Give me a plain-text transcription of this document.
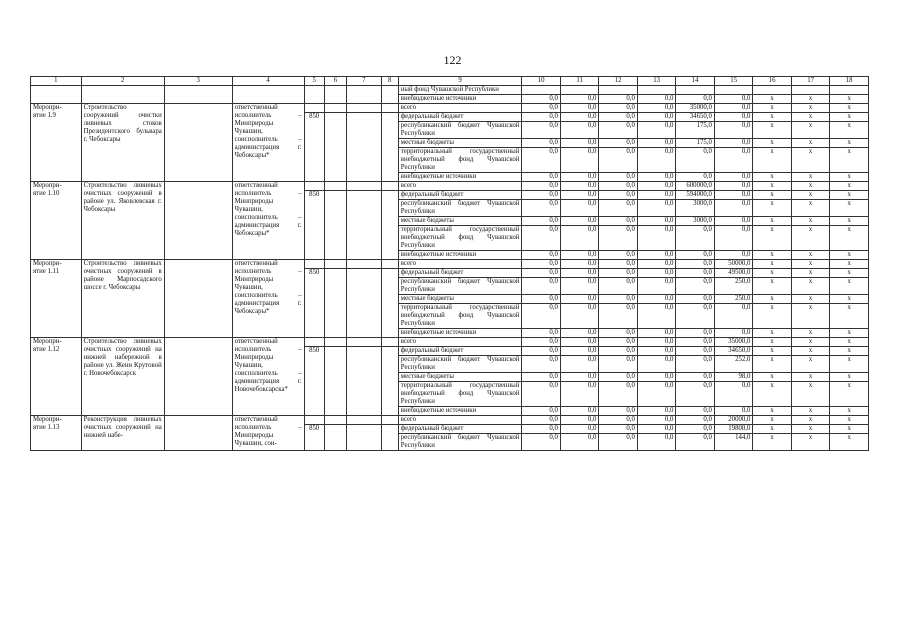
122
1	2	3	4	5	6	7	8	9	10	11	12	13	14	15	16	17	18
								ный фонд Чувашской Республики									
								внебюджетные источники	0,0	0,0	0,0	0,0	0,0	0,0	х	х	х
Меропри-
ятие 1.9	Строительство сооружений очистки ливневых стоков Президентского бульвара г. Чебоксары		ответственный исполнитель – Минприроды Чувашии, соисполнитель – администрация г. Чебоксары*					всего	0,0	0,0	0,0	0,0	35000,0	0,0	х	х	х
				850				федеральный бюджет	0,0	0,0	0,0	0,0	34650,0	0,0	х	х	х
								республиканский бюджет Чувашской Республики	0,0	0,0	0,0	0,0	175,0	0,0	х	х	х
								местные бюджеты	0,0	0,0	0,0	0,0	175,0	0,0	х	х	х
								территориальный государственный внебюджетный фонд Чувашской Республики	0,0	0,0	0,0	0,0	0,0	0,0	х	х	х
								внебюджетные источники	0,0	0,0	0,0	0,0	0,0	0,0	х	х	х
Меропри-
ятие 1.10	Строительство ливневых очистных сооружений в районе ул. Яковлевская г. Чебоксары		ответственный исполнитель – Минприроды Чувашии, соисполнитель – администрация г. Чебоксары*					всего	0,0	0,0	0,0	0,0	600000,0	0,0	х	х	х
				850				федеральный бюджет	0,0	0,0	0,0	0,0	594000,0	0,0	х	х	х
								республиканский бюджет Чувашской Республики	0,0	0,0	0,0	0,0	3000,0	0,0	х	х	х
								местные бюджеты	0,0	0,0	0,0	0,0	3000,0	0,0	х	х	х
								территориальный государственный внебюджетный фонд Чувашской Республики	0,0	0,0	0,0	0,0	0,0	0,0	х	х	х
								внебюджетные источники	0,0	0,0	0,0	0,0	0,0	0,0	х	х	х
Меропри-
ятие 1.11	Строительство ливневых очистных сооружений в районе Марпосадского шоссе г. Чебоксары		ответственный исполнитель – Минприроды Чувашии, соисполнитель – администрация г. Чебоксары*					всего	0,0	0,0	0,0	0,0	0,0	50000,0	х	х	х
				850				федеральный бюджет	0,0	0,0	0,0	0,0	0,0	49500,0	х	х	х
								республиканский бюджет Чувашской Республики	0,0	0,0	0,0	0,0	0,0	250,0	х	х	х
								местные бюджеты	0,0	0,0	0,0	0,0	0,0	250,0	х	х	х
								территориальный государственный внебюджетный фонд Чувашской Республики	0,0	0,0	0,0	0,0	0,0	0,0	х	х	х
								внебюджетные источники	0,0	0,0	0,0	0,0	0,0	0,0	х	х	х
Меропри-
ятие 1.12	Строительство ливневых очистных сооружений на нижней набережной в районе ул. Жени Крутовой г. Новочебоксарск		ответственный исполнитель – Минприроды Чувашии, соисполнитель – администрация г. Новочебоксарска*					всего	0,0	0,0	0,0	0,0	0,0	35000,0	х	х	х
				850				федеральный бюджет	0,0	0,0	0,0	0,0	0,0	34650,0	х	х	х
								республиканский бюджет Чувашской Республики	0,0	0,0	0,0	0,0	0,0	252,0	х	х	х
								местные бюджеты	0,0	0,0	0,0	0,0	0,0	98,0	х	х	х
								территориальный государственный внебюджетный фонд Чувашской Республики	0,0	0,0	0,0	0,0	0,0	0,0	х	х	х
								внебюджетные источники	0,0	0,0	0,0	0,0	0,0	0,0	х	х	х
Меропри-
ятие 1.13	Реконструкция ливневых очистных сооружений на нижней набе-		ответственный исполнитель – Минприроды Чувашии, сои-					всего	0,0	0,0	0,0	0,0	0,0	20000,0	х	х	х
				850				федеральный бюджет	0,0	0,0	0,0	0,0	0,0	19800,0	х	х	х
								республиканский бюджет Чувашской Республики	0,0	0,0	0,0	0,0	0,0	144,0	х	х	х
